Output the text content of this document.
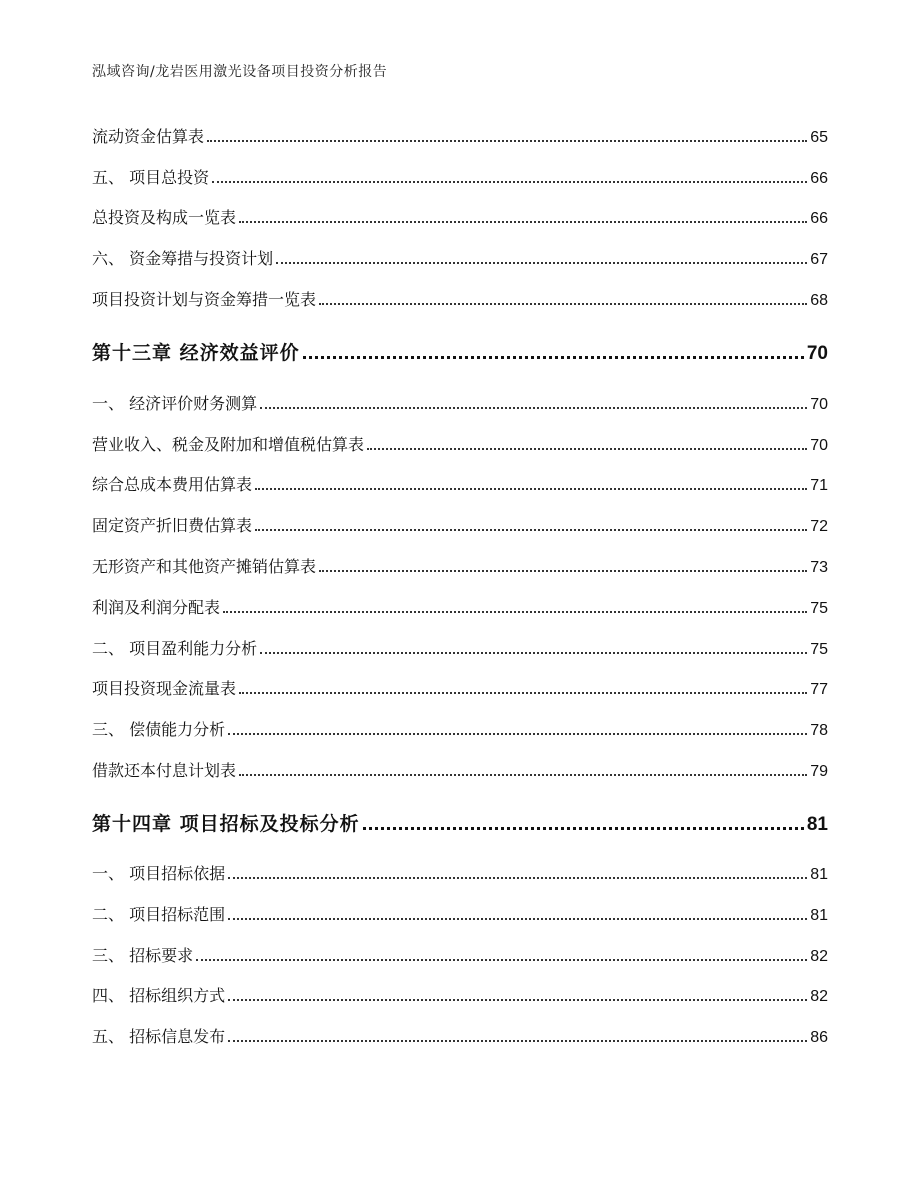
泓域咨询/龙岩医用激光设备项目投资分析报告
流动资金估算表	65
五、 项目总投资	66
总投资及构成一览表	66
六、 资金筹措与投资计划	67
项目投资计划与资金筹措一览表	68
第十三章 经济效益评价	70
一、 经济评价财务测算	70
营业收入、税金及附加和增值税估算表	70
综合总成本费用估算表	71
固定资产折旧费估算表	72
无形资产和其他资产摊销估算表	73
利润及利润分配表	75
二、 项目盈利能力分析	75
项目投资现金流量表	77
三、 偿债能力分析	78
借款还本付息计划表	79
第十四章 项目招标及投标分析	81
一、 项目招标依据	81
二、 项目招标范围	81
三、 招标要求	82
四、 招标组织方式	82
五、 招标信息发布	86
